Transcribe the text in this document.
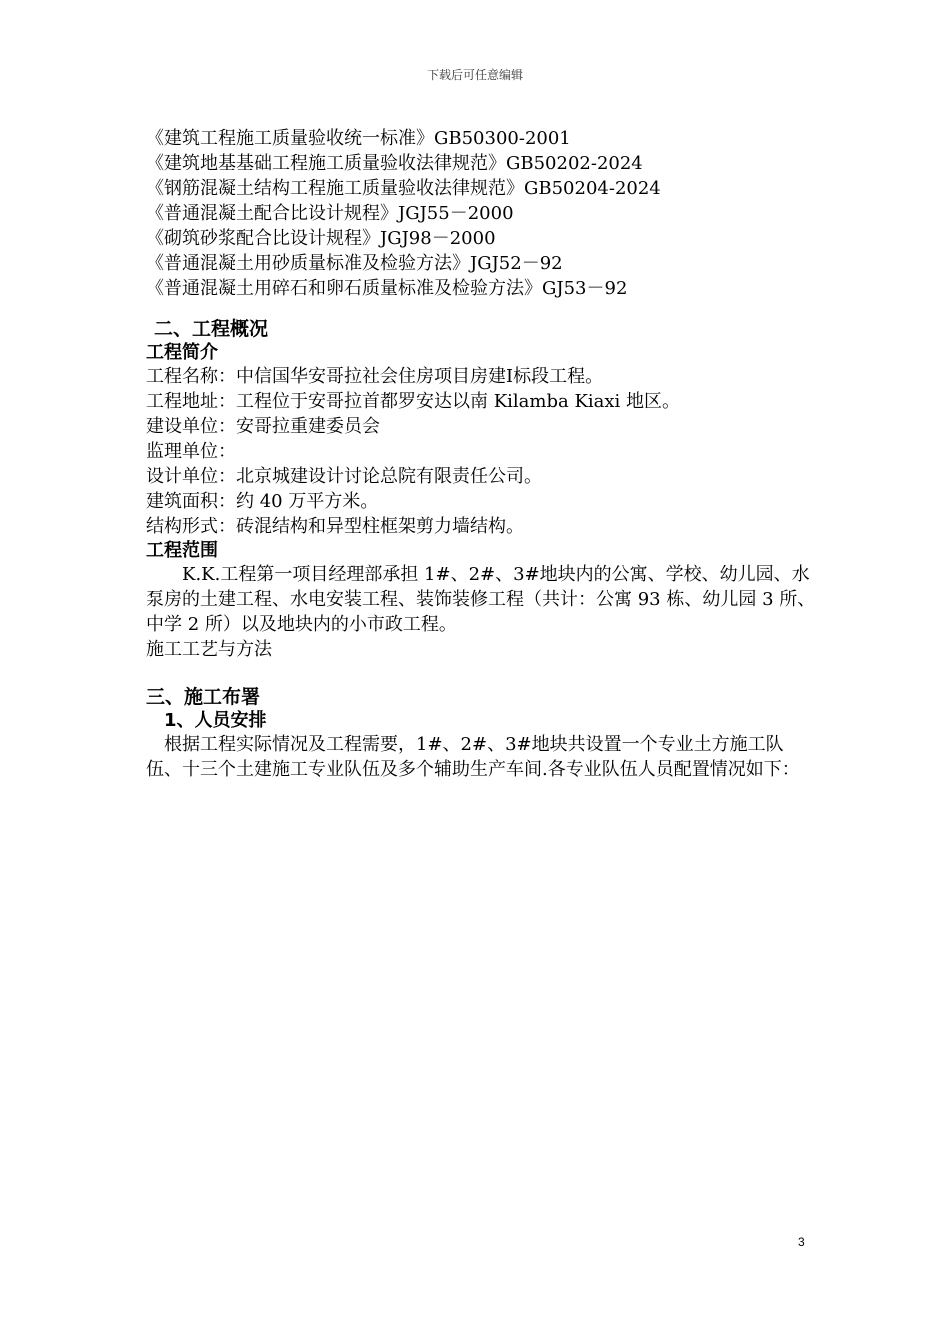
下载后可任意编辑
《建筑工程施工质量验收统一标准》GB50300-2001
《建筑地基基础工程施工质量验收法律规范》GB50202-2024
《钢筋混凝土结构工程施工质量验收法律规范》GB50204-2024
《普通混凝土配合比设计规程》JGJ55－2000
《砌筑砂浆配合比设计规程》JGJ98－2000
《普通混凝土用砂质量标准及检验方法》JGJ52－92
《普通混凝土用碎石和卵石质量标准及检验方法》GJ53－92
二、工程概况
工程简介
工程名称：中信国华安哥拉社会住房项目房建Ⅰ标段工程。
工程地址：工程位于安哥拉首都罗安达以南 Kilamba Kiaxi 地区。
建设单位：安哥拉重建委员会
监理单位：
设计单位：北京城建设计讨论总院有限责任公司。
建筑面积：约 40 万平方米。
结构形式：砖混结构和异型柱框架剪力墙结构。
工程范围
K.K.工程第一项目经理部承担 1#、2#、3#地块内的公寓、学校、幼儿园、水泵房的土建工程、水电安装工程、装饰装修工程（共计：公寓 93 栋、幼儿园 3 所、中学 2 所）以及地块内的小市政工程。
施工工艺与方法
三、施工布署
1、人员安排
根据工程实际情况及工程需要，1#、2#、3#地块共设置一个专业土方施工队伍、十三个土建施工专业队伍及多个辅助生产车间.各专业队伍人员配置情况如下：
3
